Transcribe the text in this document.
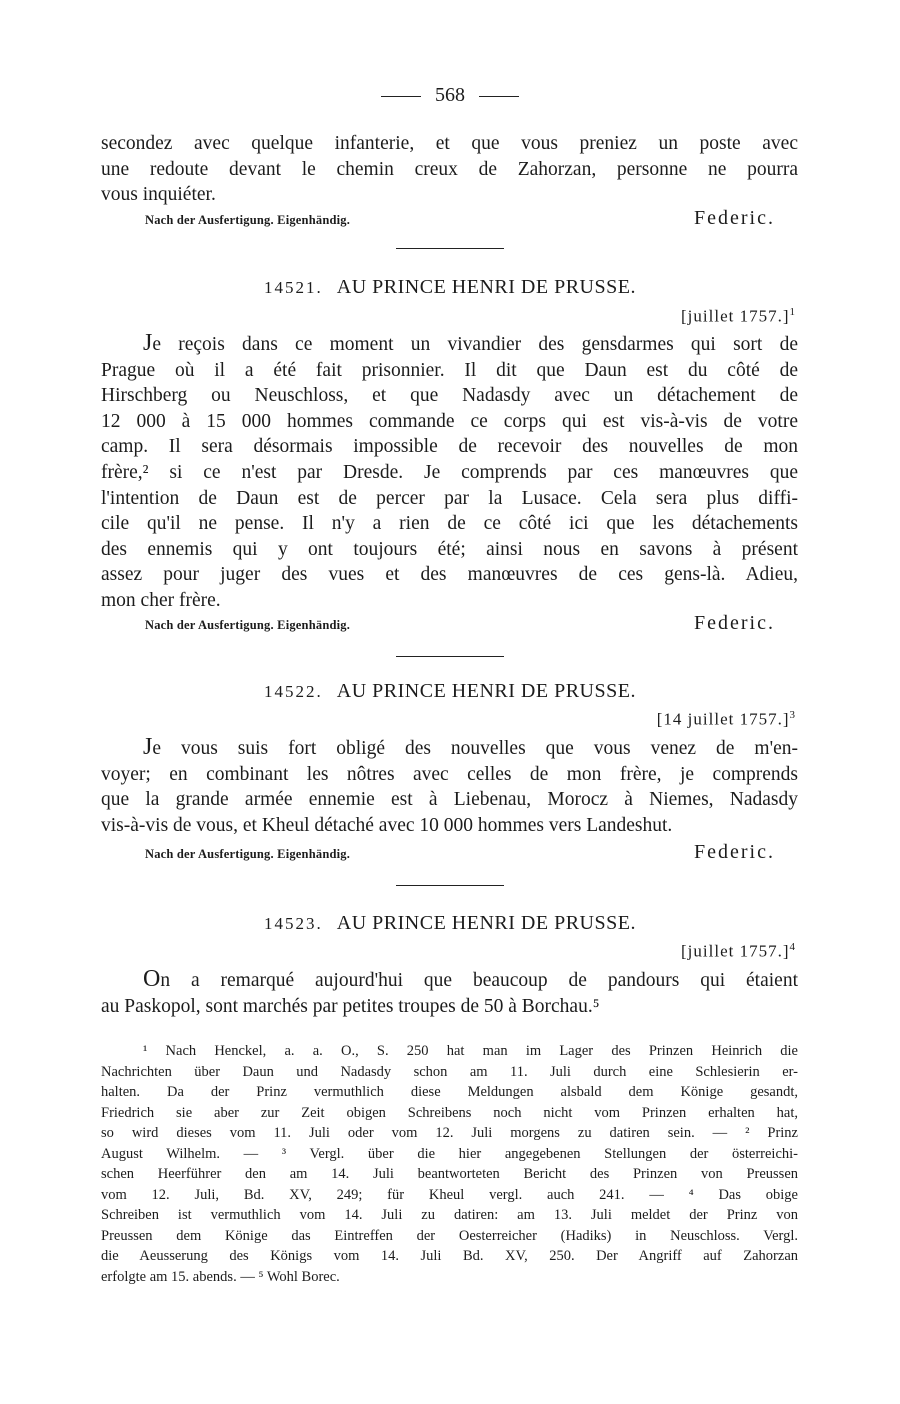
568
secondez avec quelque infanterie, et que vous preniez un poste avec
une redoute devant le chemin creux de Zahorzan, personne ne pourra
vous inquiéter.
Nach der Ausfertigung. Eigenhändig.	Federic.
14521. AU PRINCE HENRI DE PRUSSE.
[juillet 1757.]$^1$
Je reçois dans ce moment un vivandier des gensdarmes qui sort de
Prague où il a été fait prisonnier. Il dit que Daun est du côté de
Hirschberg ou Neuschloss, et que Nadasdy avec un détachement de
12 000 à 15 000 hommes commande ce corps qui est vis-à-vis de votre
camp. Il sera désormais impossible de recevoir des nouvelles de mon
frère,² si ce n'est par Dresde. Je comprends par ces manœuvres que
l'intention de Daun est de percer par la Lusace. Cela sera plus diffi-
cile qu'il ne pense. Il n'y a rien de ce côté ici que les détachements
des ennemis qui y ont toujours été; ainsi nous en savons à présent
assez pour juger des vues et des manœuvres de ces gens-là. Adieu,
mon cher frère.
Nach der Ausfertigung. Eigenhändig.	Federic.
14522. AU PRINCE HENRI DE PRUSSE.
[14 juillet 1757.]$^3$
Je vous suis fort obligé des nouvelles que vous venez de m'en-
voyer; en combinant les nôtres avec celles de mon frère, je comprends
que la grande armée ennemie est à Liebenau, Morocz à Niemes, Nadasdy
vis-à-vis de vous, et Kheul détaché avec 10 000 hommes vers Landeshut.
Nach der Ausfertigung. Eigenhändig.	Federic.
14523. AU PRINCE HENRI DE PRUSSE.
[juillet 1757.]$^4$
On a remarqué aujourd'hui que beaucoup de pandours qui étaient
au Paskopol, sont marchés par petites troupes de 50 à Borchau.⁵
¹ Nach Henckel, a. a. O., S. 250 hat man im Lager des Prinzen Heinrich die
Nachrichten über Daun und Nadasdy schon am 11. Juli durch eine Schlesierin er-
halten. Da der Prinz vermuthlich diese Meldungen alsbald dem Könige gesandt,
Friedrich sie aber zur Zeit obigen Schreibens noch nicht vom Prinzen erhalten hat,
so wird dieses vom 11. Juli oder vom 12. Juli morgens zu datiren sein. — ² Prinz
August Wilhelm. — ³ Vergl. über die hier angegebenen Stellungen der österreichi-
schen Heerführer den am 14. Juli beantworteten Bericht des Prinzen von Preussen
vom 12. Juli, Bd. XV, 249; für Kheul vergl. auch 241. — ⁴ Das obige
Schreiben ist vermuthlich vom 14. Juli zu datiren: am 13. Juli meldet der Prinz von
Preussen dem Könige das Eintreffen der Oesterreicher (Hadiks) in Neuschloss. Vergl.
die Aeusserung des Königs vom 14. Juli Bd. XV, 250. Der Angriff auf Zahorzan
erfolgte am 15. abends. — ⁵ Wohl Borec.
